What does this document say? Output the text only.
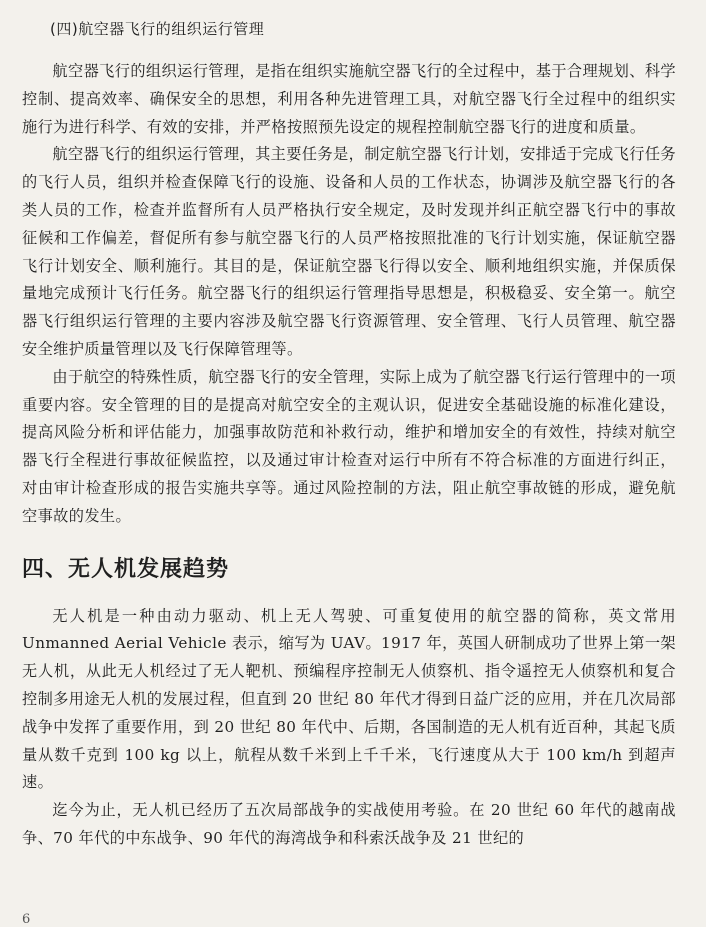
(四)航空器飞行的组织运行管理

航空器飞行的组织运行管理，是指在组织实施航空器飞行的全过程中，基于合理规划、科学控制、提高效率、确保安全的思想，利用各种先进管理工具，对航空器飞行全过程中的组织实施行为进行科学、有效的安排，并严格按照预先设定的规程控制航空器飞行的进度和质量。

航空器飞行的组织运行管理，其主要任务是，制定航空器飞行计划，安排适于完成飞行任务的飞行人员，组织并检查保障飞行的设施、设备和人员的工作状态，协调涉及航空器飞行的各类人员的工作，检查并监督所有人员严格执行安全规定，及时发现并纠正航空器飞行中的事故征候和工作偏差，督促所有参与航空器飞行的人员严格按照批准的飞行计划实施，保证航空器飞行计划安全、顺利施行。其目的是，保证航空器飞行得以安全、顺利地组织实施，并保质保量地完成预计飞行任务。航空器飞行的组织运行管理指导思想是，积极稳妥、安全第一。航空器飞行组织运行管理的主要内容涉及航空器飞行资源管理、安全管理、飞行人员管理、航空器安全维护质量管理以及飞行保障管理等。

由于航空的特殊性质，航空器飞行的安全管理，实际上成为了航空器飞行运行管理中的一项重要内容。安全管理的目的是提高对航空安全的主观认识，促进安全基础设施的标准化建设，提高风险分析和评估能力，加强事故防范和补救行动，维护和增加安全的有效性，持续对航空器飞行全程进行事故征候监控，以及通过审计检查对运行中所有不符合标准的方面进行纠正，对由审计检查形成的报告实施共享等。通过风险控制的方法，阻止航空事故链的形成，避免航空事故的发生。

四、无人机发展趋势

无人机是一种由动力驱动、机上无人驾驶、可重复使用的航空器的简称，英文常用 Unmanned Aerial Vehicle 表示，缩写为 UAV。1917 年，英国人研制成功了世界上第一架无人机，从此无人机经过了无人靶机、预编程序控制无人侦察机、指令遥控无人侦察机和复合控制多用途无人机的发展过程，但直到 20 世纪 80 年代才得到日益广泛的应用，并在几次局部战争中发挥了重要作用，到 20 世纪 80 年代中、后期，各国制造的无人机有近百种，其起飞质量从数千克到 100 kg 以上，航程从数千米到上千千米，飞行速度从大于 100 km/h 到超声速。

迄今为止，无人机已经历了五次局部战争的实战使用考验。在 20 世纪 60 年代的越南战争、70 年代的中东战争、90 年代的海湾战争和科索沃战争及 21 世纪的

6
